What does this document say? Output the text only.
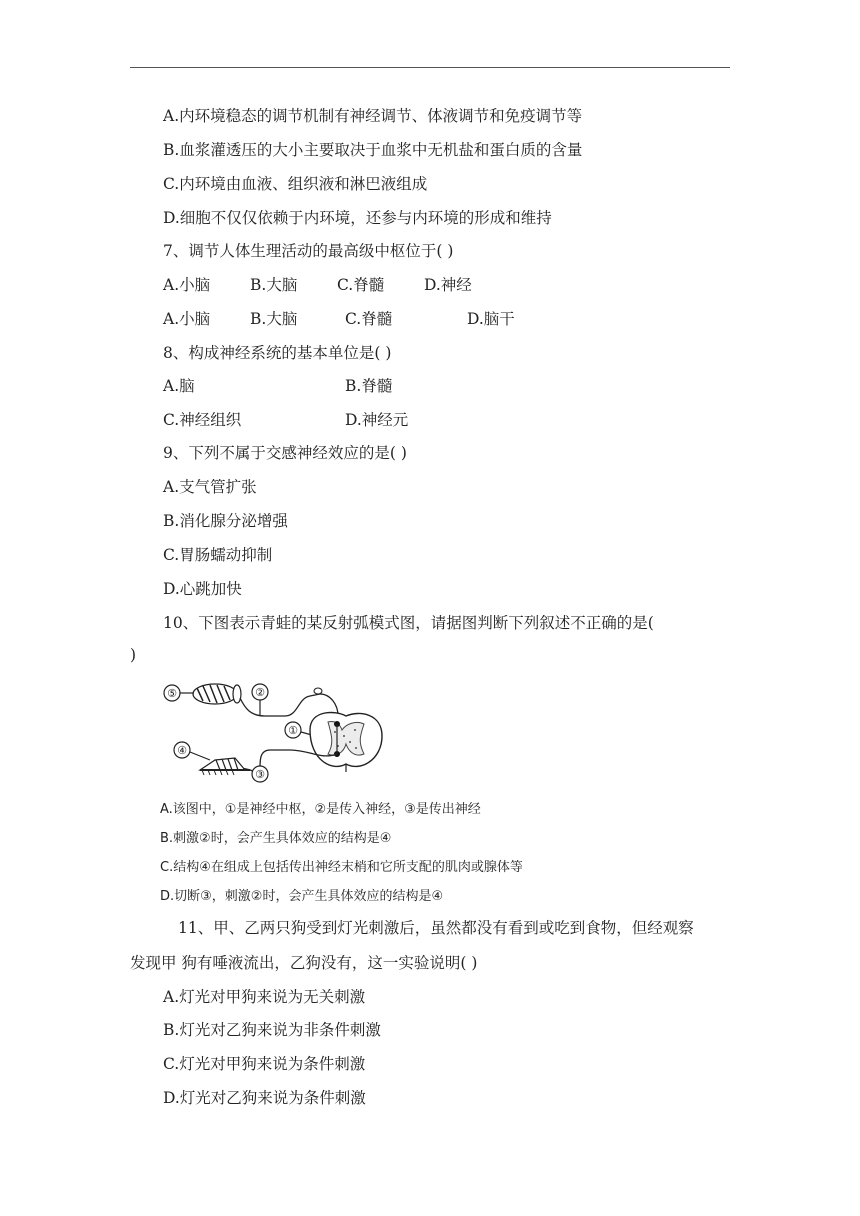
A.内环境稳态的调节机制有神经调节、体液调节和免疫调节等
B.血浆灌透压的大小主要取决于血浆中无机盐和蛋白质的含量
C.内环境由血液、组织液和淋巴液组成
D.细胞不仅仅依赖于内环境，还参与内环境的形成和维持
7、调节人体生理活动的最高级中枢位于( )
A.小脑	B.大脑	C.脊髓	D.神经
A.小脑	B.大脑	C.脊髓	D.脑干
8、构成神经系统的基本单位是( )
A.脑	B.脊髓
C.神经组织	D.神经元
9、下列不属于交感神经效应的是( )
A.支气管扩张
B.消化腺分泌增强
C.胃肠蠕动抑制
D.心跳加快
10、下图表示青蛙的某反射弧模式图，请据图判断下列叙述不正确的是(
)
⑤	②
①
③
④
A.该图中，①是神经中枢，②是传入神经，③是传出神经
B.刺激②时，会产生具体效应的结构是④
C.结构④在组成上包括传出神经末梢和它所支配的肌肉或腺体等
D.切断③，刺激②时，会产生具体效应的结构是④
11、甲、乙两只狗受到灯光刺激后，虽然都没有看到或吃到食物，但经观察
发现甲 狗有唾液流出，乙狗没有，这一实验说明( )
A.灯光对甲狗来说为无关刺激
B.灯光对乙狗来说为非条件刺激
C.灯光对甲狗来说为条件刺激
D.灯光对乙狗来说为条件刺激
